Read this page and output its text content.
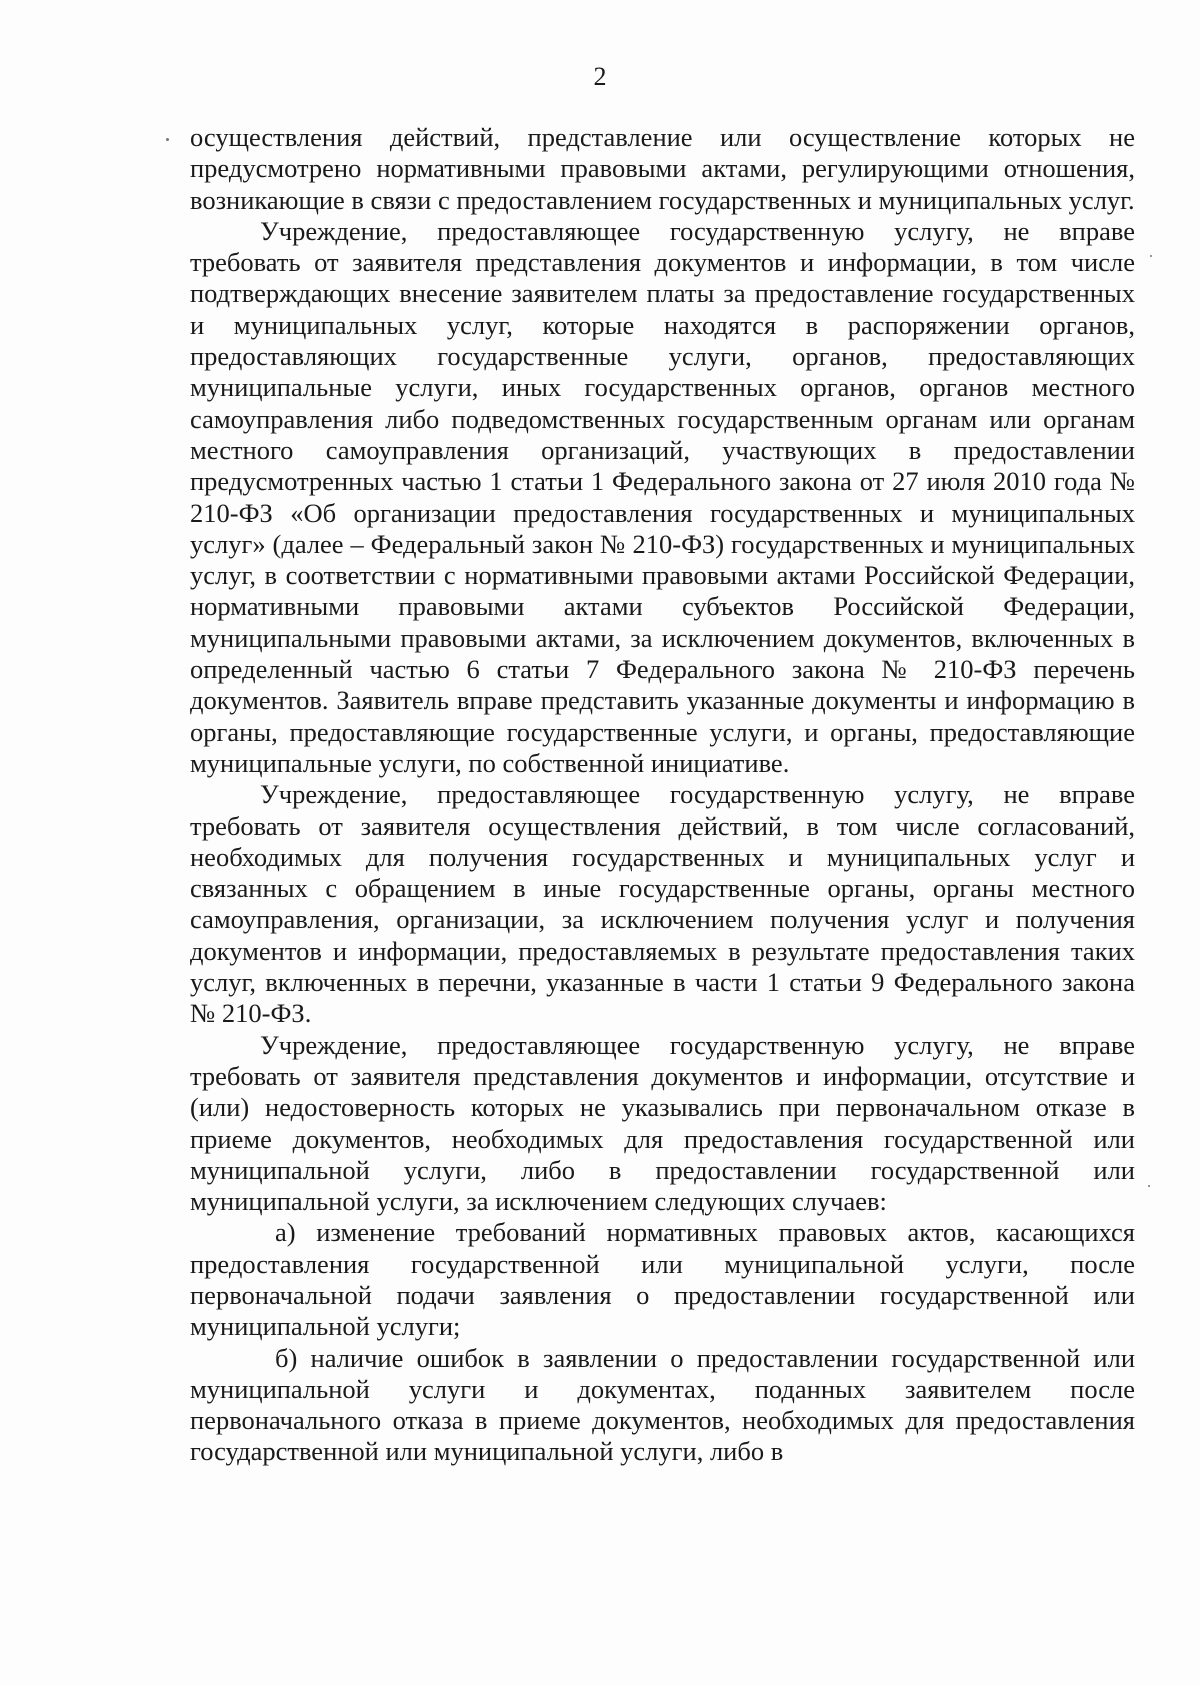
2

осуществления действий, представление или осуществление которых не предусмотрено нормативными правовыми актами, регулирующими отношения, возникающие в связи с предоставлением государственных и муниципальных услуг.

Учреждение, предоставляющее государственную услугу, не вправе требовать от заявителя представления документов и информации, в том числе подтверждающих внесение заявителем платы за предоставление государственных и муниципальных услуг, которые находятся в распоряжении органов, предоставляющих государственные услуги, органов, предоставляющих муниципальные услуги, иных государственных органов, органов местного самоуправления либо подведомственных государственным органам или органам местного самоуправления организаций, участвующих в предоставлении предусмотренных частью 1 статьи 1 Федерального закона от 27 июля 2010 года № 210-ФЗ «Об организации предоставления государственных и муниципальных услуг» (далее – Федеральный закон № 210-ФЗ) государственных и муниципальных услуг, в соответствии с нормативными правовыми актами Российской Федерации, нормативными правовыми актами субъектов Российской Федерации, муниципальными правовыми актами, за исключением документов, включенных в определенный частью 6 статьи 7 Федерального закона № 210-ФЗ перечень документов. Заявитель вправе представить указанные документы и информацию в органы, предоставляющие государственные услуги, и органы, предоставляющие муниципальные услуги, по собственной инициативе.

Учреждение, предоставляющее государственную услугу, не вправе требовать от заявителя осуществления действий, в том числе согласований, необходимых для получения государственных и муниципальных услуг и связанных с обращением в иные государственные органы, органы местного самоуправления, организации, за исключением получения услуг и получения документов и информации, предоставляемых в результате предоставления таких услуг, включенных в перечни, указанные в части 1 статьи 9 Федерального закона № 210-ФЗ.

Учреждение, предоставляющее государственную услугу, не вправе требовать от заявителя представления документов и информации, отсутствие и (или) недостоверность которых не указывались при первоначальном отказе в приеме документов, необходимых для предоставления государственной или муниципальной услуги, либо в предоставлении государственной или муниципальной услуги, за исключением следующих случаев:

а) изменение требований нормативных правовых актов, касающихся предоставления государственной или муниципальной услуги, после первоначальной подачи заявления о предоставлении государственной или муниципальной услуги;

б) наличие ошибок в заявлении о предоставлении государственной или муниципальной услуги и документах, поданных заявителем после первоначального отказа в приеме документов, необходимых для предоставления государственной или муниципальной услуги, либо в
